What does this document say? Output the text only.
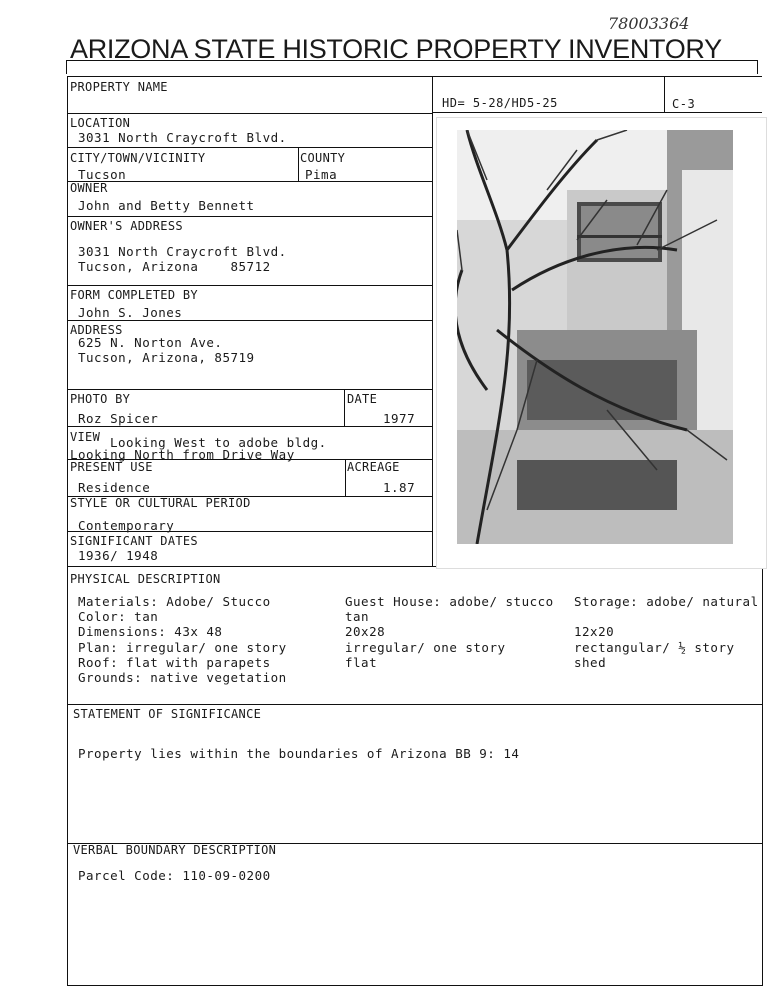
78003364
ARIZONA STATE HISTORIC PROPERTY INVENTORY
HD= 5-28/HD5-25	C-3
PROPERTY NAME
LOCATION
3031 North Craycroft Blvd.
CITY/TOWN/VICINITY
Tucson
COUNTY
Pima
OWNER
John and Betty Bennett
OWNER'S ADDRESS
3031 North Craycroft Blvd.
Tucson, Arizona    85712
FORM COMPLETED BY
John S. Jones
ADDRESS
625 N. Norton Ave.
Tucson, Arizona, 85719
PHOTO BY
Roz Spicer
DATE
1977
VIEW Looking West to adobe bldg.
Looking North from Drive Way
PRESENT USE
Residence
ACREAGE
1.87
STYLE OR CULTURAL PERIOD
Contemporary
SIGNIFICANT DATES
1936/ 1948
PHYSICAL DESCRIPTION
Materials: Adobe/ Stucco
Color: tan
Dimensions: 43x 48
Plan: irregular/ one story
Roof: flat with parapets
Grounds: native vegetation
Guest House: adobe/ stucco
tan
20x28
irregular/ one story
flat
Storage: adobe/ natural
12x20
rectangular/ ½ story
shed
STATEMENT OF SIGNIFICANCE
Property lies within the boundaries of Arizona BB 9: 14
VERBAL BOUNDARY DESCRIPTION
Parcel Code: 110-09-0200
